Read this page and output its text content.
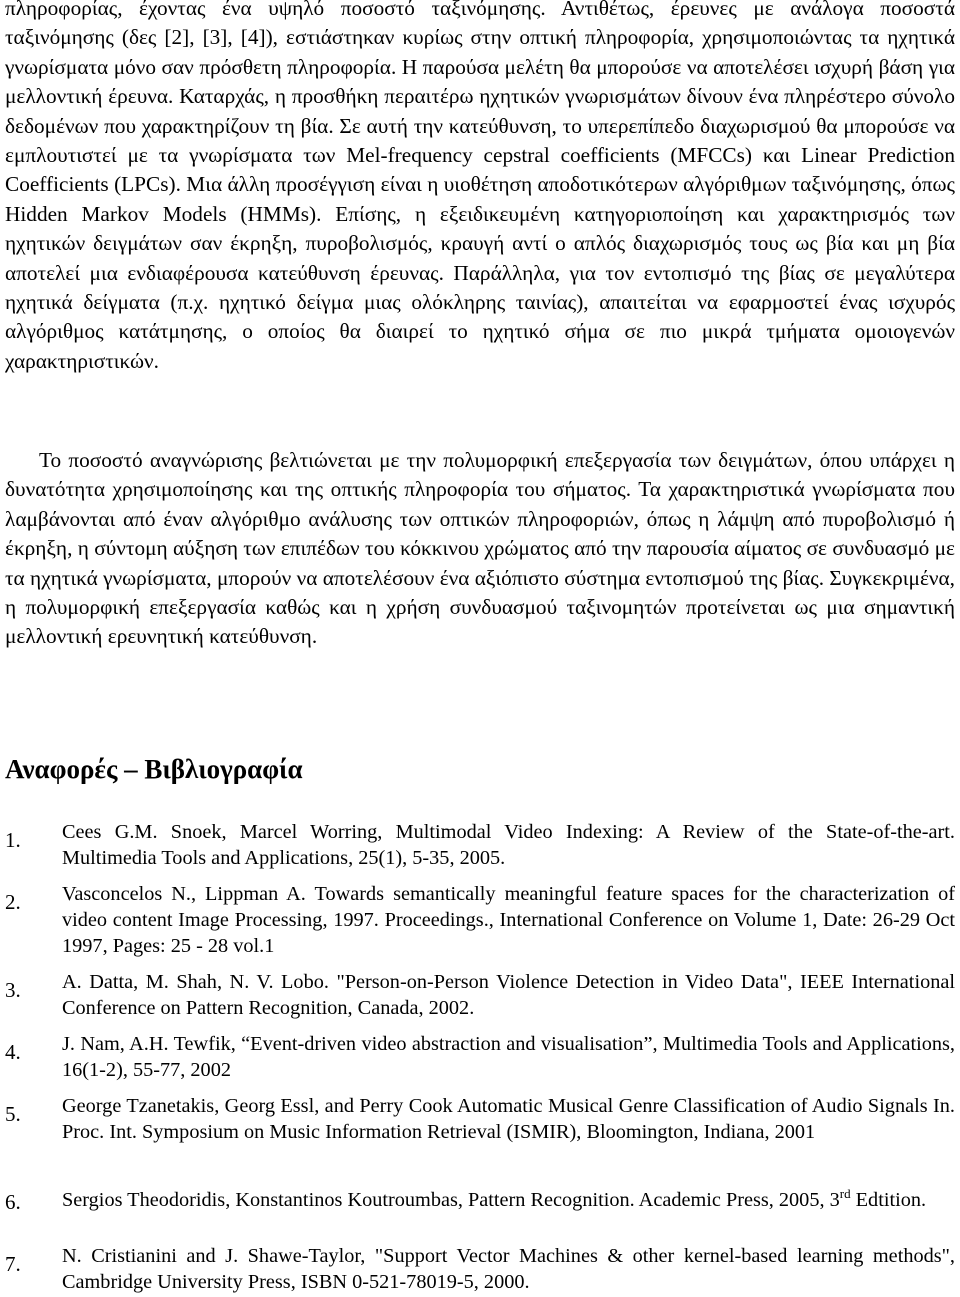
πληροφορίας, έχοντας ένα υψηλό ποσοστό ταξινόμησης. Αντιθέτως, έρευνες με ανάλογα ποσοστά ταξινόμησης (δες [2], [3], [4]), εστιάστηκαν κυρίως στην οπτική πληροφορία, χρησιμοποιώντας τα ηχητικά γνωρίσματα μόνο σαν πρόσθετη πληροφορία. Η παρούσα μελέτη θα μπορούσε να αποτελέσει ισχυρή βάση για μελλοντική έρευνα. Καταρχάς, η προσθήκη περαιτέρω ηχητικών γνωρισμάτων δίνουν ένα πληρέστερο σύνολο δεδομένων που χαρακτηρίζουν τη βία. Σε αυτή την κατεύθυνση, το υπερεπίπεδο διαχωρισμού θα μπορούσε να εμπλουτιστεί με τα γνωρίσματα των Mel-frequency cepstral coefficients (MFCCs) και Linear Prediction Coefficients (LPCs). Μια άλλη προσέγγιση είναι η υιοθέτηση αποδοτικότερων αλγόριθμων ταξινόμησης, όπως Hidden Markov Models (HMMs). Επίσης, η εξειδικευμένη κατηγοριοποίηση και χαρακτηρισμός των ηχητικών δειγμάτων σαν έκρηξη, πυροβολισμός, κραυγή αντί ο απλός διαχωρισμός τους ως βία και μη βία αποτελεί μια ενδιαφέρουσα κατεύθυνση έρευνας. Παράλληλα, για τον εντοπισμό της βίας σε μεγαλύτερα ηχητικά δείγματα (π.χ. ηχητικό δείγμα μιας ολόκληρης ταινίας), απαιτείται να εφαρμοστεί ένας ισχυρός αλγόριθμος κατάτμησης, ο οποίος θα διαιρεί το ηχητικό σήμα σε πιο μικρά τμήματα ομοιογενών χαρακτηριστικών.

Το ποσοστό αναγνώρισης βελτιώνεται με την πολυμορφική επεξεργασία των δειγμάτων, όπου υπάρχει η δυνατότητα χρησιμοποίησης και της οπτικής πληροφορία του σήματος. Τα χαρακτηριστικά γνωρίσματα που λαμβάνονται από έναν αλγόριθμο ανάλυσης των οπτικών πληροφοριών, όπως η λάμψη από πυροβολισμό ή έκρηξη, η σύντομη αύξηση των επιπέδων του κόκκινου χρώματος από την παρουσία αίματος σε συνδυασμό με τα ηχητικά γνωρίσματα, μπορούν να αποτελέσουν ένα αξιόπιστο σύστημα εντοπισμού της βίας. Συγκεκριμένα, η πολυμορφική επεξεργασία καθώς και η χρήση συνδυασμού ταξινομητών προτείνεται ως μια σημαντική μελλοντική ερευνητική κατεύθυνση.

Αναφορές – Βιβλιογραφία
1. Cees G.M. Snoek, Marcel Worring, Multimodal Video Indexing: A Review of the State-of-the-art. Multimedia Tools and Applications, 25(1), 5-35, 2005.
2. Vasconcelos N., Lippman A. Towards semantically meaningful feature spaces for the characterization of video content Image Processing, 1997. Proceedings., International Conference on Volume 1, Date: 26-29 Oct 1997, Pages: 25 - 28 vol.1
3. A. Datta, M. Shah, N. V. Lobo. "Person-on-Person Violence Detection in Video Data", IEEE International Conference on Pattern Recognition, Canada, 2002.
4. J. Nam, A.H. Tewfik, “Event-driven video abstraction and visualisation”, Multimedia Tools and Applications, 16(1-2), 55-77, 2002
5. George Tzanetakis, Georg Essl, and Perry Cook Automatic Musical Genre Classification of Audio Signals In. Proc. Int. Symposium on Music Information Retrieval (ISMIR), Bloomington, Indiana, 2001
6. Sergios Theodoridis, Konstantinos Koutroumbas, Pattern Recognition. Academic Press, 2005, 3rd Edtition.
7. N. Cristianini and J. Shawe-Taylor, "Support Vector Machines & other kernel-based learning methods", Cambridge University Press, ISBN 0-521-78019-5, 2000.
